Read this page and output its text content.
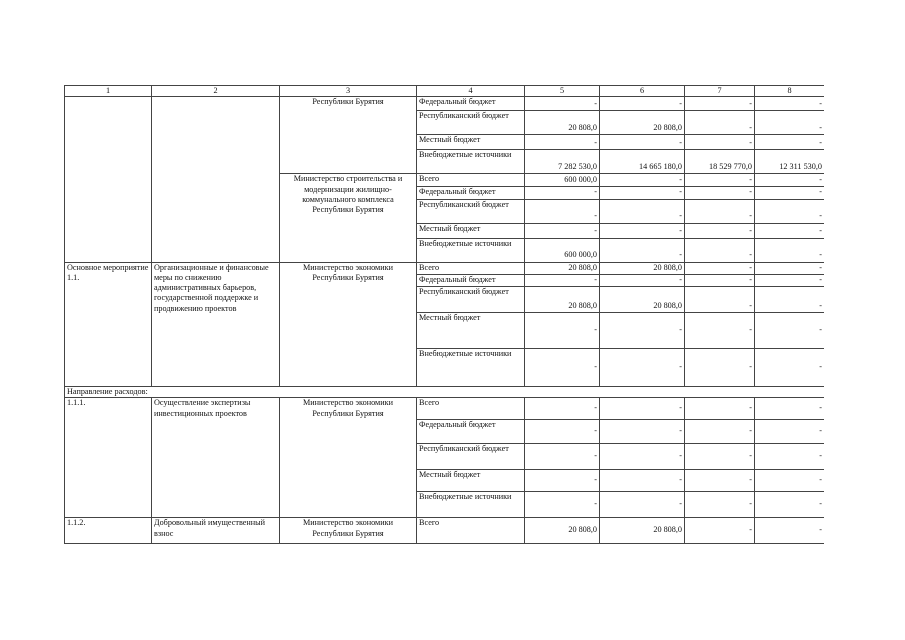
1	2	3	4	5	6	7	8
		Республики Бурятия	Федеральный бюджет	-	-	-	-
			Республиканский бюджет	20 808,0	20 808,0	-	-
			Местный бюджет	-	-	-	-
			Внебюджетные источники	7 282 530,0	14 665 180,0	18 529 770,0	12 311 530,0
		Министерство строительства и модернизации жилищно-коммунального комплекса Республики Бурятия	Всего	600 000,0	-	-	-
			Федеральный бюджет	-	-	-	-
			Республиканский бюджет	-	-	-	-
			Местный бюджет	-	-	-	-
			Внебюджетные источники	600 000,0	-	-	-
Основное мероприятие 1.1.	Организационные и финансовые меры по снижению административных барьеров, государственной поддержке и продвижению проектов	Министерство экономики Республики Бурятия	Всего	20 808,0	20 808,0	-	-
			Федеральный бюджет	-	-	-	-
			Республиканский бюджет	20 808,0	20 808,0	-	-
			Местный бюджет	-	-	-	-
			Внебюджетные источники	-	-	-	-
Направление расходов:							
1.1.1.	Осуществление экспертизы инвестиционных проектов	Министерство экономики Республики Бурятия	Всего	-	-	-	-
			Федеральный бюджет	-	-	-	-
			Республиканский бюджет	-	-	-	-
			Местный бюджет	-	-	-	-
			Внебюджетные источники	-	-	-	-
1.1.2.	Добровольный имущественный взнос	Министерство экономики Республики Бурятия	Всего	20 808,0	20 808,0	-	-
